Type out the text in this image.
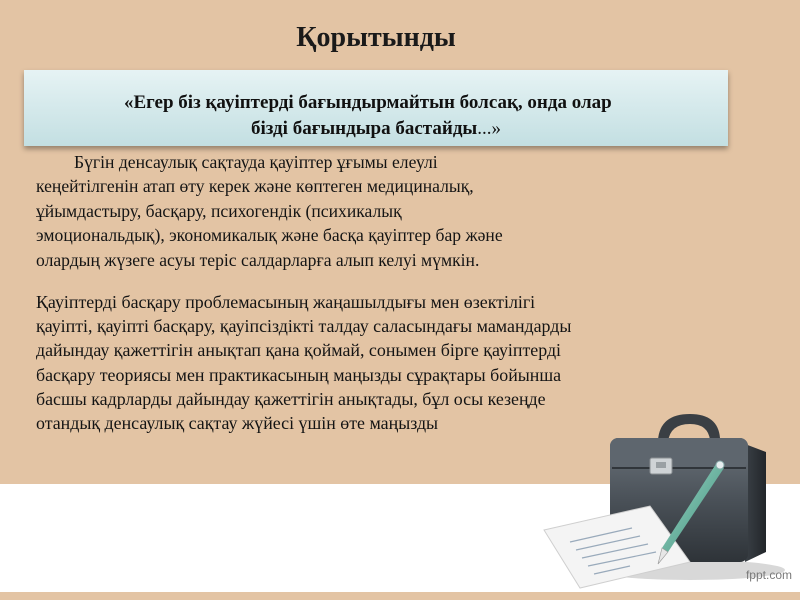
Қорытынды
«Егер біз қауіптерді бағындырмайтын болсақ, онда олар
бізді бағындыра бастайды...»
Бүгін денсаулық сақтауда қауіптер ұғымы елеулі
кеңейтілгенін атап өту керек және көптеген медициналық,
ұйымдастыру, басқару, психогендік (психикалық
эмоциональдық), экономикалық және басқа қауіптер бар және
олардың жүзеге асуы теріс салдарларға алып келуі мүмкін.
Қауіптерді басқару проблемасының жаңашылдығы мен өзектілігі
қауіпті, қауіпті басқару, қауіпсіздікті талдау саласындағы мамандарды
дайындау қажеттігін анықтап қана қоймай, сонымен бірге қауіптерді
басқару теориясы мен практикасының маңызды сұрақтары бойынша
басшы кадрларды дайындау қажеттігін анықтады, бұл осы кезеңде
отандық денсаулық сақтау жүйесі үшін өте маңызды
fppt.com
